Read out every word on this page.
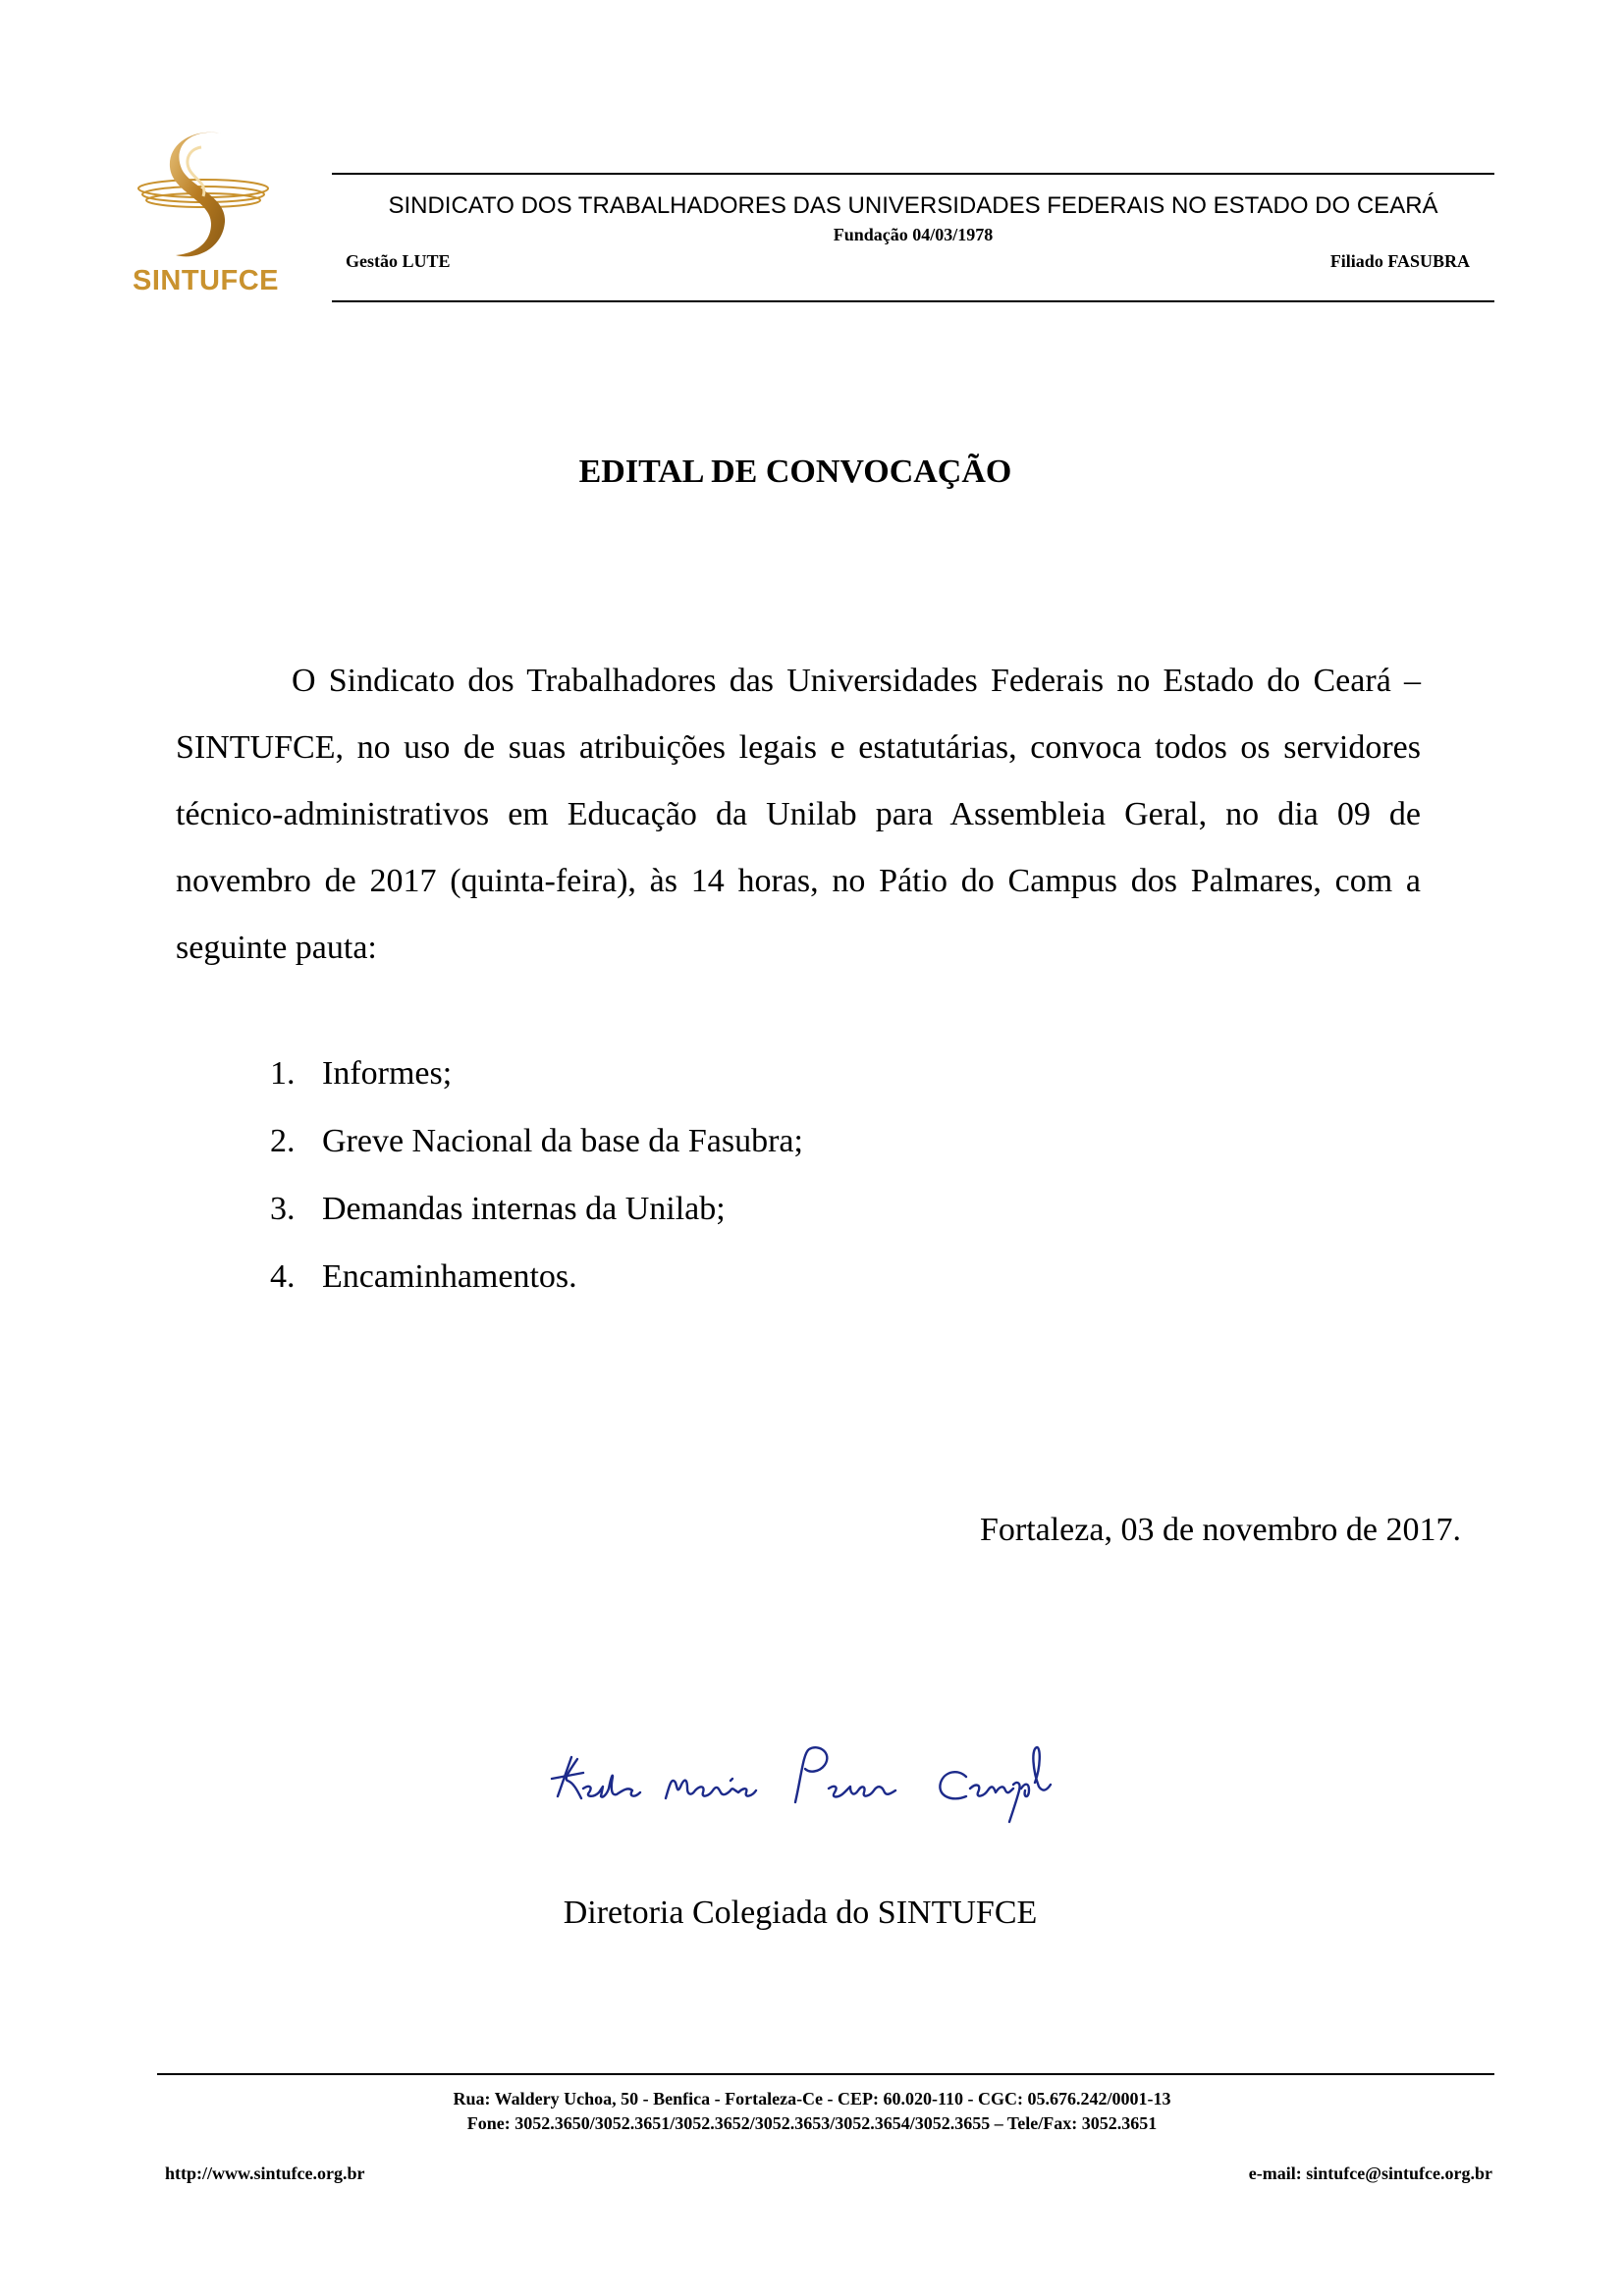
SINTUFCE
SINDICATO DOS TRABALHADORES DAS UNIVERSIDADES FEDERAIS NO ESTADO DO CEARÁ
Fundação 04/03/1978
Gestão LUTE	Filiado FASUBRA
EDITAL DE CONVOCAÇÃO

O Sindicato dos Trabalhadores das Universidades Federais no Estado do Ceará – SINTUFCE, no uso de suas atribuições legais e estatutárias, convoca todos os servidores técnico-administrativos em Educação da Unilab para Assembleia Geral, no dia 09 de novembro de 2017 (quinta-feira), às 14 horas, no Pátio do Campus dos Palmares, com a seguinte pauta:

1. Informes;
2. Greve Nacional da base da Fasubra;
3. Demandas internas da Unilab;
4. Encaminhamentos.
Fortaleza, 03 de novembro de 2017.
Diretoria Colegiada do SINTUFCE
Rua: Waldery Uchoa, 50 - Benfica - Fortaleza-Ce - CEP: 60.020-110 - CGC: 05.676.242/0001-13
Fone: 3052.3650/3052.3651/3052.3652/3052.3653/3052.3654/3052.3655 – Tele/Fax: 3052.3651
http://www.sintufce.org.br	e-mail: sintufce@sintufce.org.br
